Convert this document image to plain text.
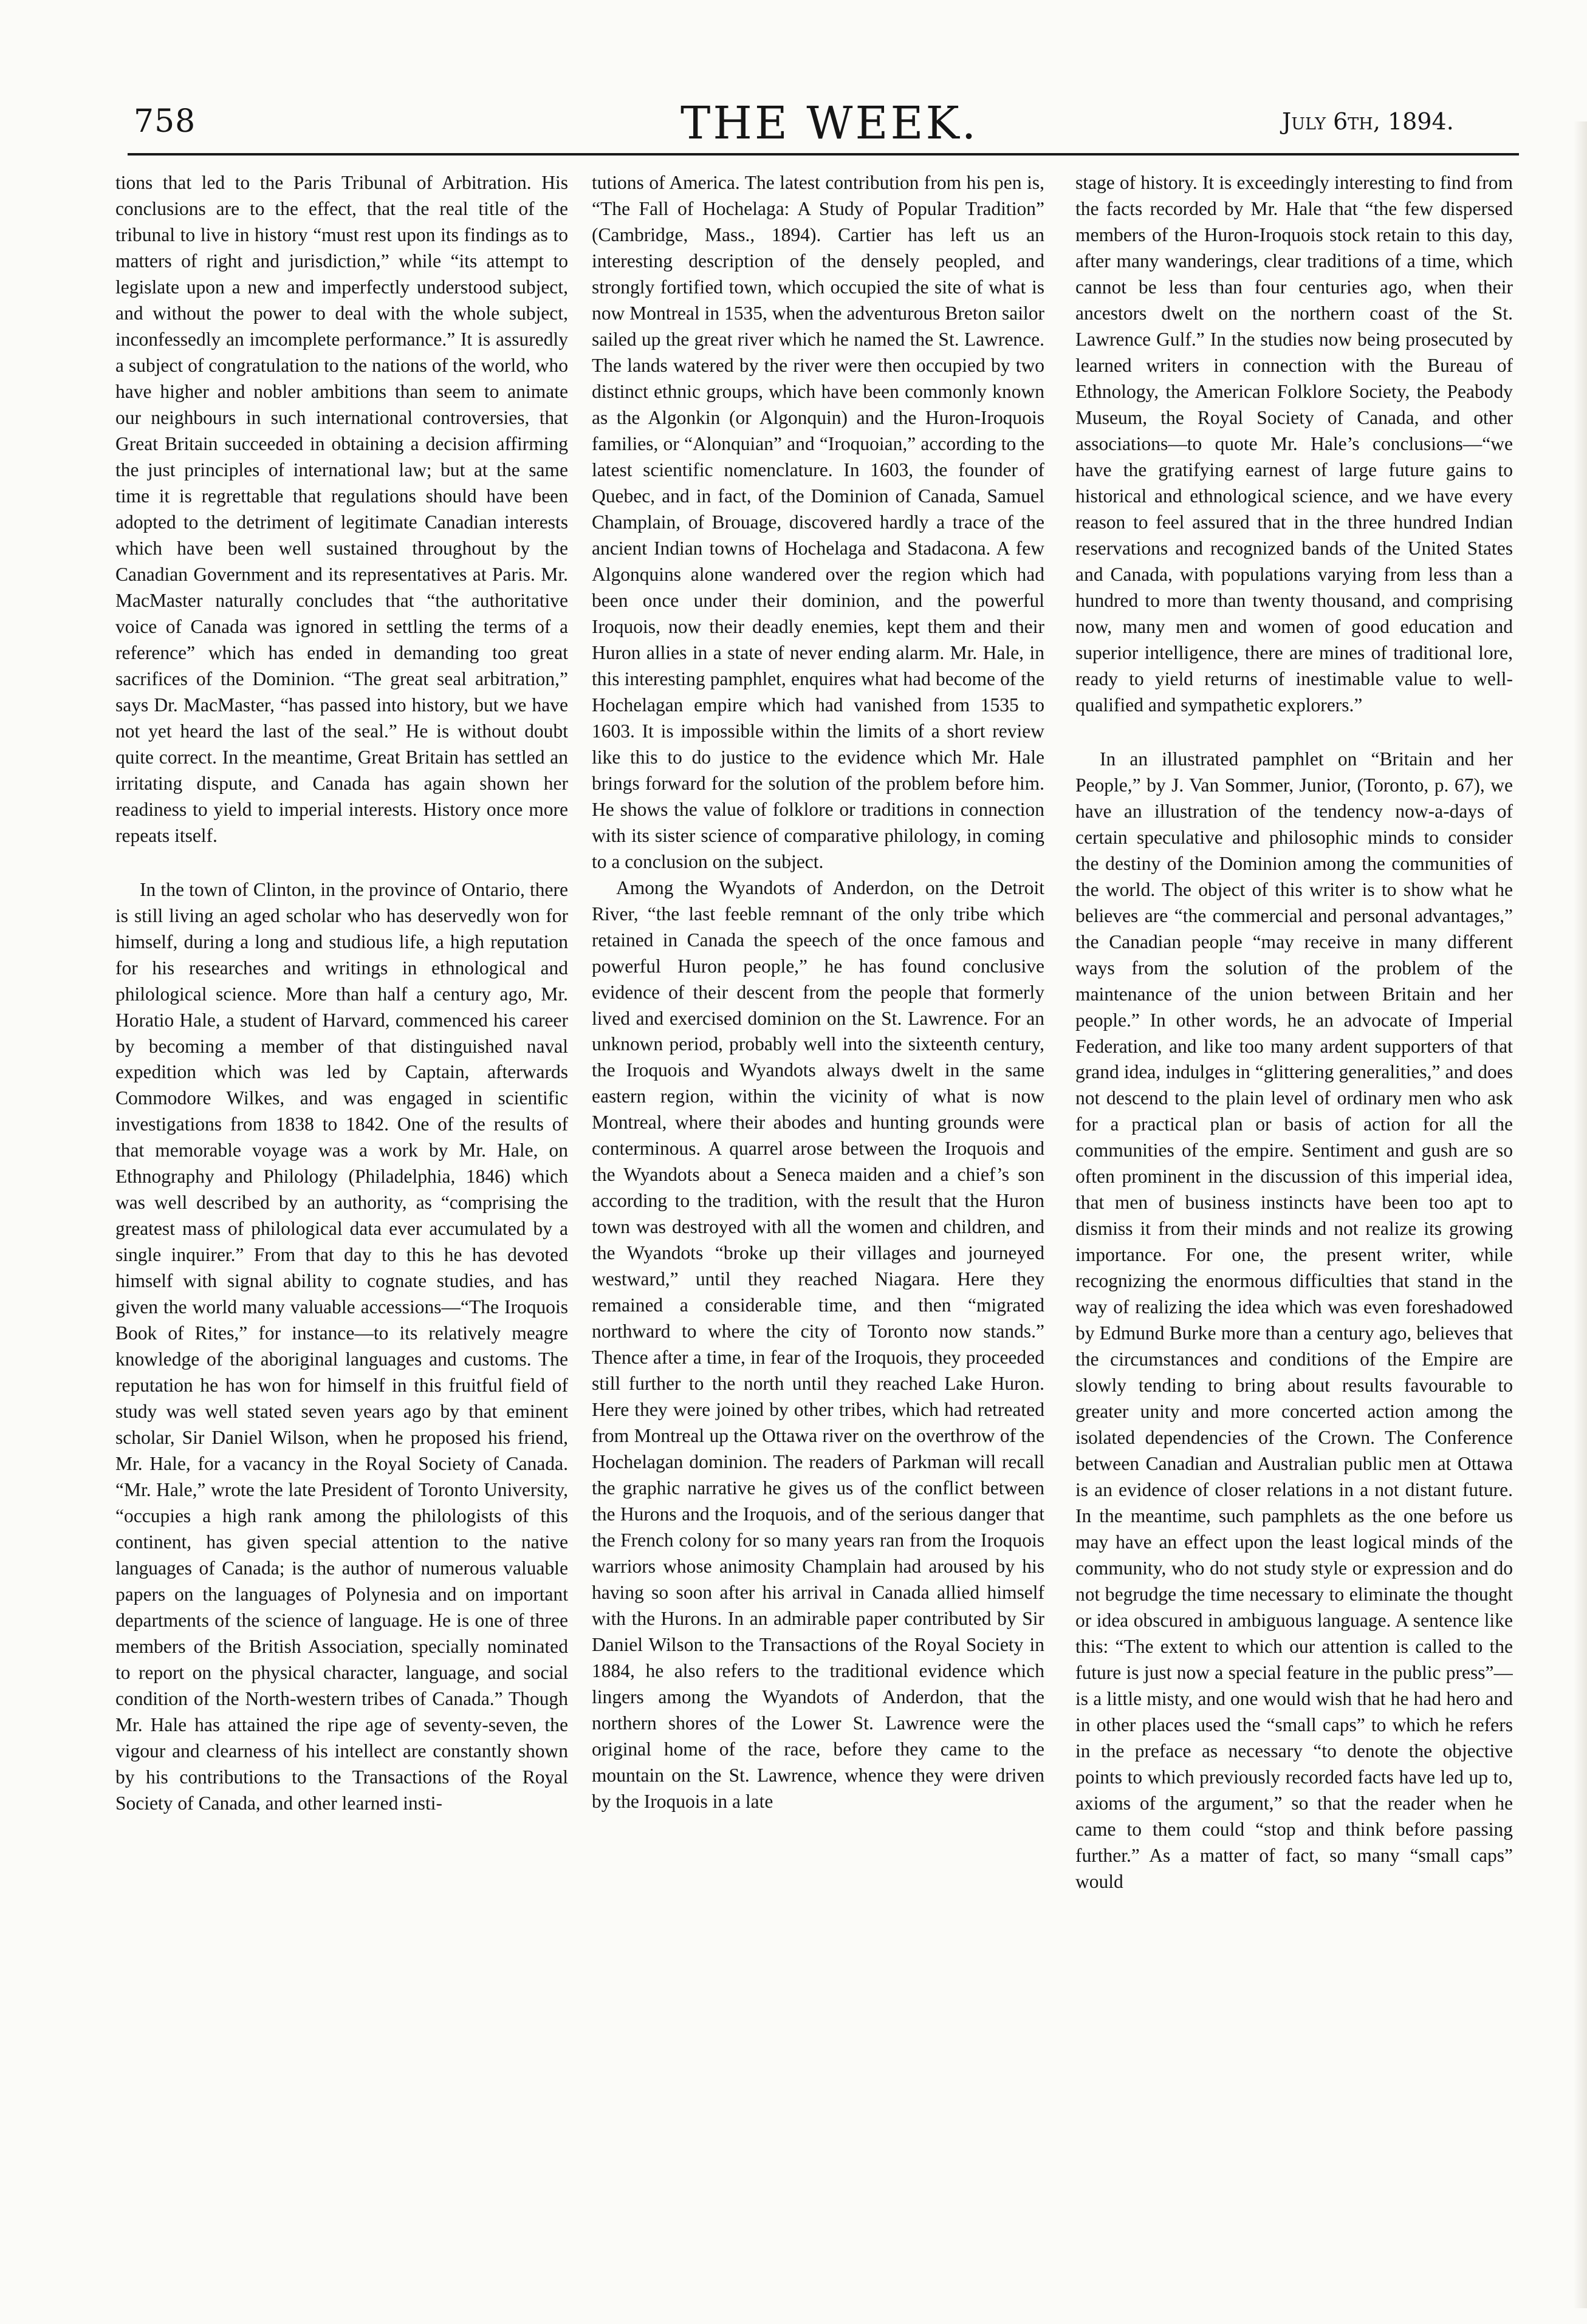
758	THE WEEK.	July 6th, 1894.

tions that led to the Paris Tribunal of Arbitration. His conclusions are to the effect, that the real title of the tribunal to live in history “must rest upon its findings as to matters of right and jurisdiction,” while “its attempt to legislate upon a new and imperfectly understood subject, and without the power to deal with the whole subject, inconfessedly an imcomplete performance.” It is assuredly a subject of congratulation to the nations of the world, who have higher and nobler ambitions than seem to animate our neighbours in such international controversies, that Great Britain succeeded in obtaining a decision affirming the just principles of international law; but at the same time it is regrettable that regulations should have been adopted to the detriment of legitimate Canadian interests which have been well sustained throughout by the Canadian Government and its representatives at Paris. Mr. MacMaster naturally concludes that “the authoritative voice of Canada was ignored in settling the terms of a reference” which has ended in demanding too great sacrifices of the Dominion. “The great seal arbitration,” says Dr. MacMaster, “has passed into history, but we have not yet heard the last of the seal.” He is without doubt quite correct. In the meantime, Great Britain has settled an irritating dispute, and Canada has again shown her readiness to yield to imperial interests. History once more repeats itself.

In the town of Clinton, in the province of Ontario, there is still living an aged scholar who has deservedly won for himself, during a long and studious life, a high reputation for his researches and writings in ethnological and philological science. More than half a century ago, Mr. Horatio Hale, a student of Harvard, commenced his career by becoming a member of that distinguished naval expedition which was led by Captain, afterwards Commodore Wilkes, and was engaged in scientific investigations from 1838 to 1842. One of the results of that memorable voyage was a work by Mr. Hale, on Ethnography and Philology (Philadelphia, 1846) which was well described by an authority, as “comprising the greatest mass of philological data ever accumulated by a single inquirer.” From that day to this he has devoted himself with signal ability to cognate studies, and has given the world many valuable accessions—“The Iroquois Book of Rites,” for instance—to its relatively meagre knowledge of the aboriginal languages and customs. The reputation he has won for himself in this fruitful field of study was well stated seven years ago by that eminent scholar, Sir Daniel Wilson, when he proposed his friend, Mr. Hale, for a vacancy in the Royal Society of Canada. “Mr. Hale,” wrote the late President of Toronto University, “occupies a high rank among the philologists of this continent, has given special attention to the native languages of Canada; is the author of numerous valuable papers on the languages of Polynesia and on important departments of the science of language. He is one of three members of the British Association, specially nominated to report on the physical character, language, and social condition of the North-western tribes of Canada.” Though Mr. Hale has attained the ripe age of seventy-seven, the vigour and clearness of his intellect are constantly shown by his contributions to the Transactions of the Royal Society of Canada, and other learned insti-

tutions of America. The latest contribution from his pen is, “The Fall of Hochelaga: A Study of Popular Tradition” (Cambridge, Mass., 1894). Cartier has left us an interesting description of the densely peopled, and strongly fortified town, which occupied the site of what is now Montreal in 1535, when the adventurous Breton sailor sailed up the great river which he named the St. Lawrence. The lands watered by the river were then occupied by two distinct ethnic groups, which have been commonly known as the Algonkin (or Algonquin) and the Huron-Iroquois families, or “Alonquian” and “Iroquoian,” according to the latest scientific nomenclature. In 1603, the founder of Quebec, and in fact, of the Dominion of Canada, Samuel Champlain, of Brouage, discovered hardly a trace of the ancient Indian towns of Hochelaga and Stadacona. A few Algonquins alone wandered over the region which had been once under their dominion, and the powerful Iroquois, now their deadly enemies, kept them and their Huron allies in a state of never ending alarm. Mr. Hale, in this interesting pamphlet, enquires what had become of the Hochelagan empire which had vanished from 1535 to 1603. It is impossible within the limits of a short review like this to do justice to the evidence which Mr. Hale brings forward for the solution of the problem before him. He shows the value of folklore or traditions in connection with its sister science of comparative philology, in coming to a conclusion on the subject.

Among the Wyandots of Anderdon, on the Detroit River, “the last feeble remnant of the only tribe which retained in Canada the speech of the once famous and powerful Huron people,” he has found conclusive evidence of their descent from the people that formerly lived and exercised dominion on the St. Lawrence. For an unknown period, probably well into the sixteenth century, the Iroquois and Wyandots always dwelt in the same eastern region, within the vicinity of what is now Montreal, where their abodes and hunting grounds were conterminous. A quarrel arose between the Iroquois and the Wyandots about a Seneca maiden and a chief’s son according to the tradition, with the result that the Huron town was destroyed with all the women and children, and the Wyandots “broke up their villages and journeyed westward,” until they reached Niagara. Here they remained a considerable time, and then “migrated northward to where the city of Toronto now stands.” Thence after a time, in fear of the Iroquois, they proceeded still further to the north until they reached Lake Huron. Here they were joined by other tribes, which had retreated from Montreal up the Ottawa river on the overthrow of the Hochelagan dominion. The readers of Parkman will recall the graphic narrative he gives us of the conflict between the Hurons and the Iroquois, and of the serious danger that the French colony for so many years ran from the Iroquois warriors whose animosity Champlain had aroused by his having so soon after his arrival in Canada allied himself with the Hurons. In an admirable paper contributed by Sir Daniel Wilson to the Transactions of the Royal Society in 1884, he also refers to the traditional evidence which lingers among the Wyandots of Anderdon, that the northern shores of the Lower St. Lawrence were the original home of the race, before they came to the mountain on the St. Lawrence, whence they were driven by the Iroquois in a late

stage of history. It is exceedingly interesting to find from the facts recorded by Mr. Hale that “the few dispersed members of the Huron-Iroquois stock retain to this day, after many wanderings, clear traditions of a time, which cannot be less than four centuries ago, when their ancestors dwelt on the northern coast of the St. Lawrence Gulf.” In the studies now being prosecuted by learned writers in connection with the Bureau of Ethnology, the American Folklore Society, the Peabody Museum, the Royal Society of Canada, and other associations—to quote Mr. Hale’s conclusions—“we have the gratifying earnest of large future gains to historical and ethnological science, and we have every reason to feel assured that in the three hundred Indian reservations and recognized bands of the United States and Canada, with populations varying from less than a hundred to more than twenty thousand, and comprising now, many men and women of good education and superior intelligence, there are mines of traditional lore, ready to yield returns of inestimable value to well-qualified and sympathetic explorers.”

In an illustrated pamphlet on “Britain and her People,” by J. Van Sommer, Junior, (Toronto, p. 67), we have an illustration of the tendency now-a-days of certain speculative and philosophic minds to consider the destiny of the Dominion among the communities of the world. The object of this writer is to show what he believes are “the commercial and personal advantages,” the Canadian people “may receive in many different ways from the solution of the problem of the maintenance of the union between Britain and her people.” In other words, he an advocate of Imperial Federation, and like too many ardent supporters of that grand idea, indulges in “glittering generalities,” and does not descend to the plain level of ordinary men who ask for a practical plan or basis of action for all the communities of the empire. Sentiment and gush are so often prominent in the discussion of this imperial idea, that men of business instincts have been too apt to dismiss it from their minds and not realize its growing importance. For one, the present writer, while recognizing the enormous difficulties that stand in the way of realizing the idea which was even foreshadowed by Edmund Burke more than a century ago, believes that the circumstances and conditions of the Empire are slowly tending to bring about results favourable to greater unity and more concerted action among the isolated dependencies of the Crown. The Conference between Canadian and Australian public men at Ottawa is an evidence of closer relations in a not distant future. In the meantime, such pamphlets as the one before us may have an effect upon the least logical minds of the community, who do not study style or expression and do not begrudge the time necessary to eliminate the thought or idea obscured in ambiguous language. A sentence like this: “The extent to which our attention is called to the future is just now a special feature in the public press”—is a little misty, and one would wish that he had hero and in other places used the “small caps” to which he refers in the preface as necessary “to denote the objective points to which previously recorded facts have led up to, axioms of the argument,” so that the reader when he came to them could “stop and think before passing further.” As a matter of fact, so many “small caps” would
